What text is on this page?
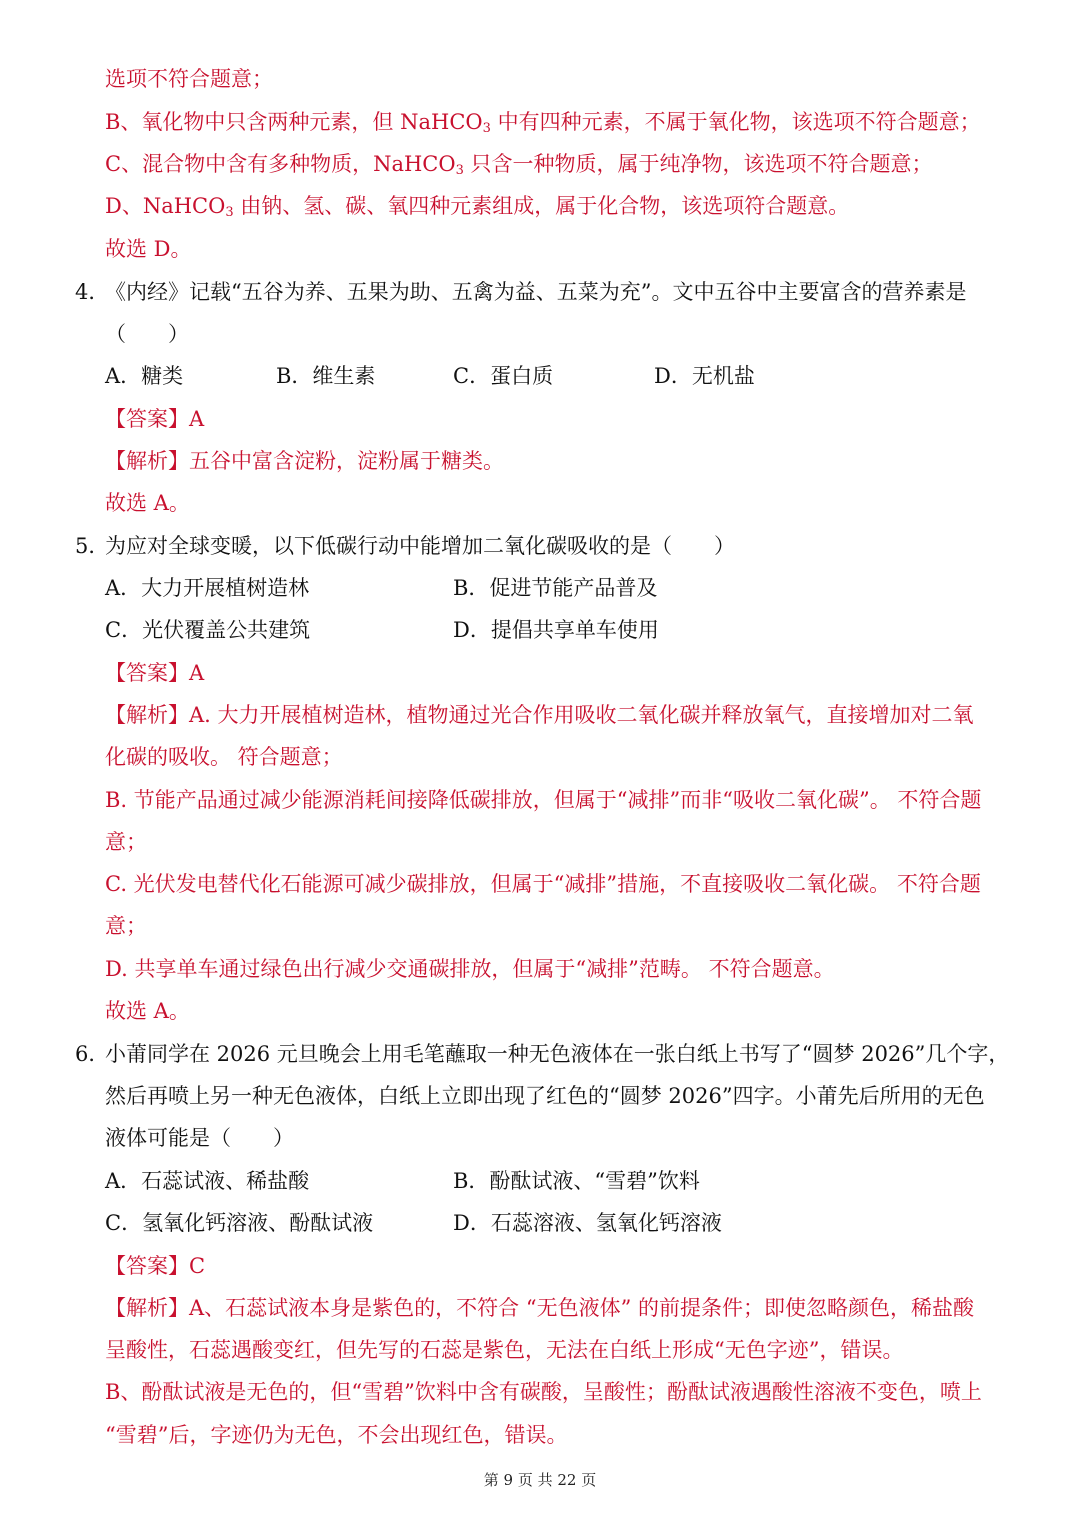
选项不符合题意；
B、氧化物中只含两种元素，但 NaHCO$_3$ 中有四种元素，不属于氧化物，该选项不符合题意；
C、混合物中含有多种物质，NaHCO$_3$ 只含一种物质，属于纯净物，该选项不符合题意；
D、NaHCO$_3$ 由钠、氢、碳、氧四种元素组成，属于化合物，该选项符合题意。
故选 D。
4．
《内经》记载“五谷为养、五果为助、五禽为益、五菜为充”。文中五谷中主要富含的营养素是
（　　）
A．糖类	B．维生素	C．蛋白质	D．无机盐
【答案】A
【解析】五谷中富含淀粉，淀粉属于糖类。
故选 A。
5．
为应对全球变暖，以下低碳行动中能增加二氧化碳吸收的是（　　）
A．大力开展植树造林	B．促进节能产品普及
C．光伏覆盖公共建筑	D．提倡共享单车使用
【答案】A
【解析】A. 大力开展植树造林，植物通过光合作用吸收二氧化碳并释放氧气，直接增加对二氧
化碳的吸收。 符合题意；
B. 节能产品通过减少能源消耗间接降低碳排放，但属于“减排”而非“吸收二氧化碳”。 不符合题
意；
C. 光伏发电替代化石能源可减少碳排放，但属于“减排”措施，不直接吸收二氧化碳。 不符合题
意；
D. 共享单车通过绿色出行减少交通碳排放，但属于“减排”范畴。 不符合题意。
故选 A。
6．
小莆同学在 2026 元旦晚会上用毛笔蘸取一种无色液体在一张白纸上书写了“圆梦 2026”几个字，
然后再喷上另一种无色液体，白纸上立即出现了红色的“圆梦 2026”四字。小莆先后所用的无色
液体可能是（　　）
A．石蕊试液、稀盐酸	B．酚酞试液、“雪碧”饮料
C．氢氧化钙溶液、酚酞试液	D．石蕊溶液、氢氧化钙溶液
【答案】C
【解析】A、石蕊试液本身是紫色的，不符合 “无色液体” 的前提条件；即使忽略颜色，稀盐酸
呈酸性，石蕊遇酸变红，但先写的石蕊是紫色，无法在白纸上形成“无色字迹”，错误。
B、酚酞试液是无色的，但“雪碧”饮料中含有碳酸，呈酸性；酚酞试液遇酸性溶液不变色，喷上
“雪碧”后，字迹仍为无色，不会出现红色，错误。
第 9 页 共 22 页
